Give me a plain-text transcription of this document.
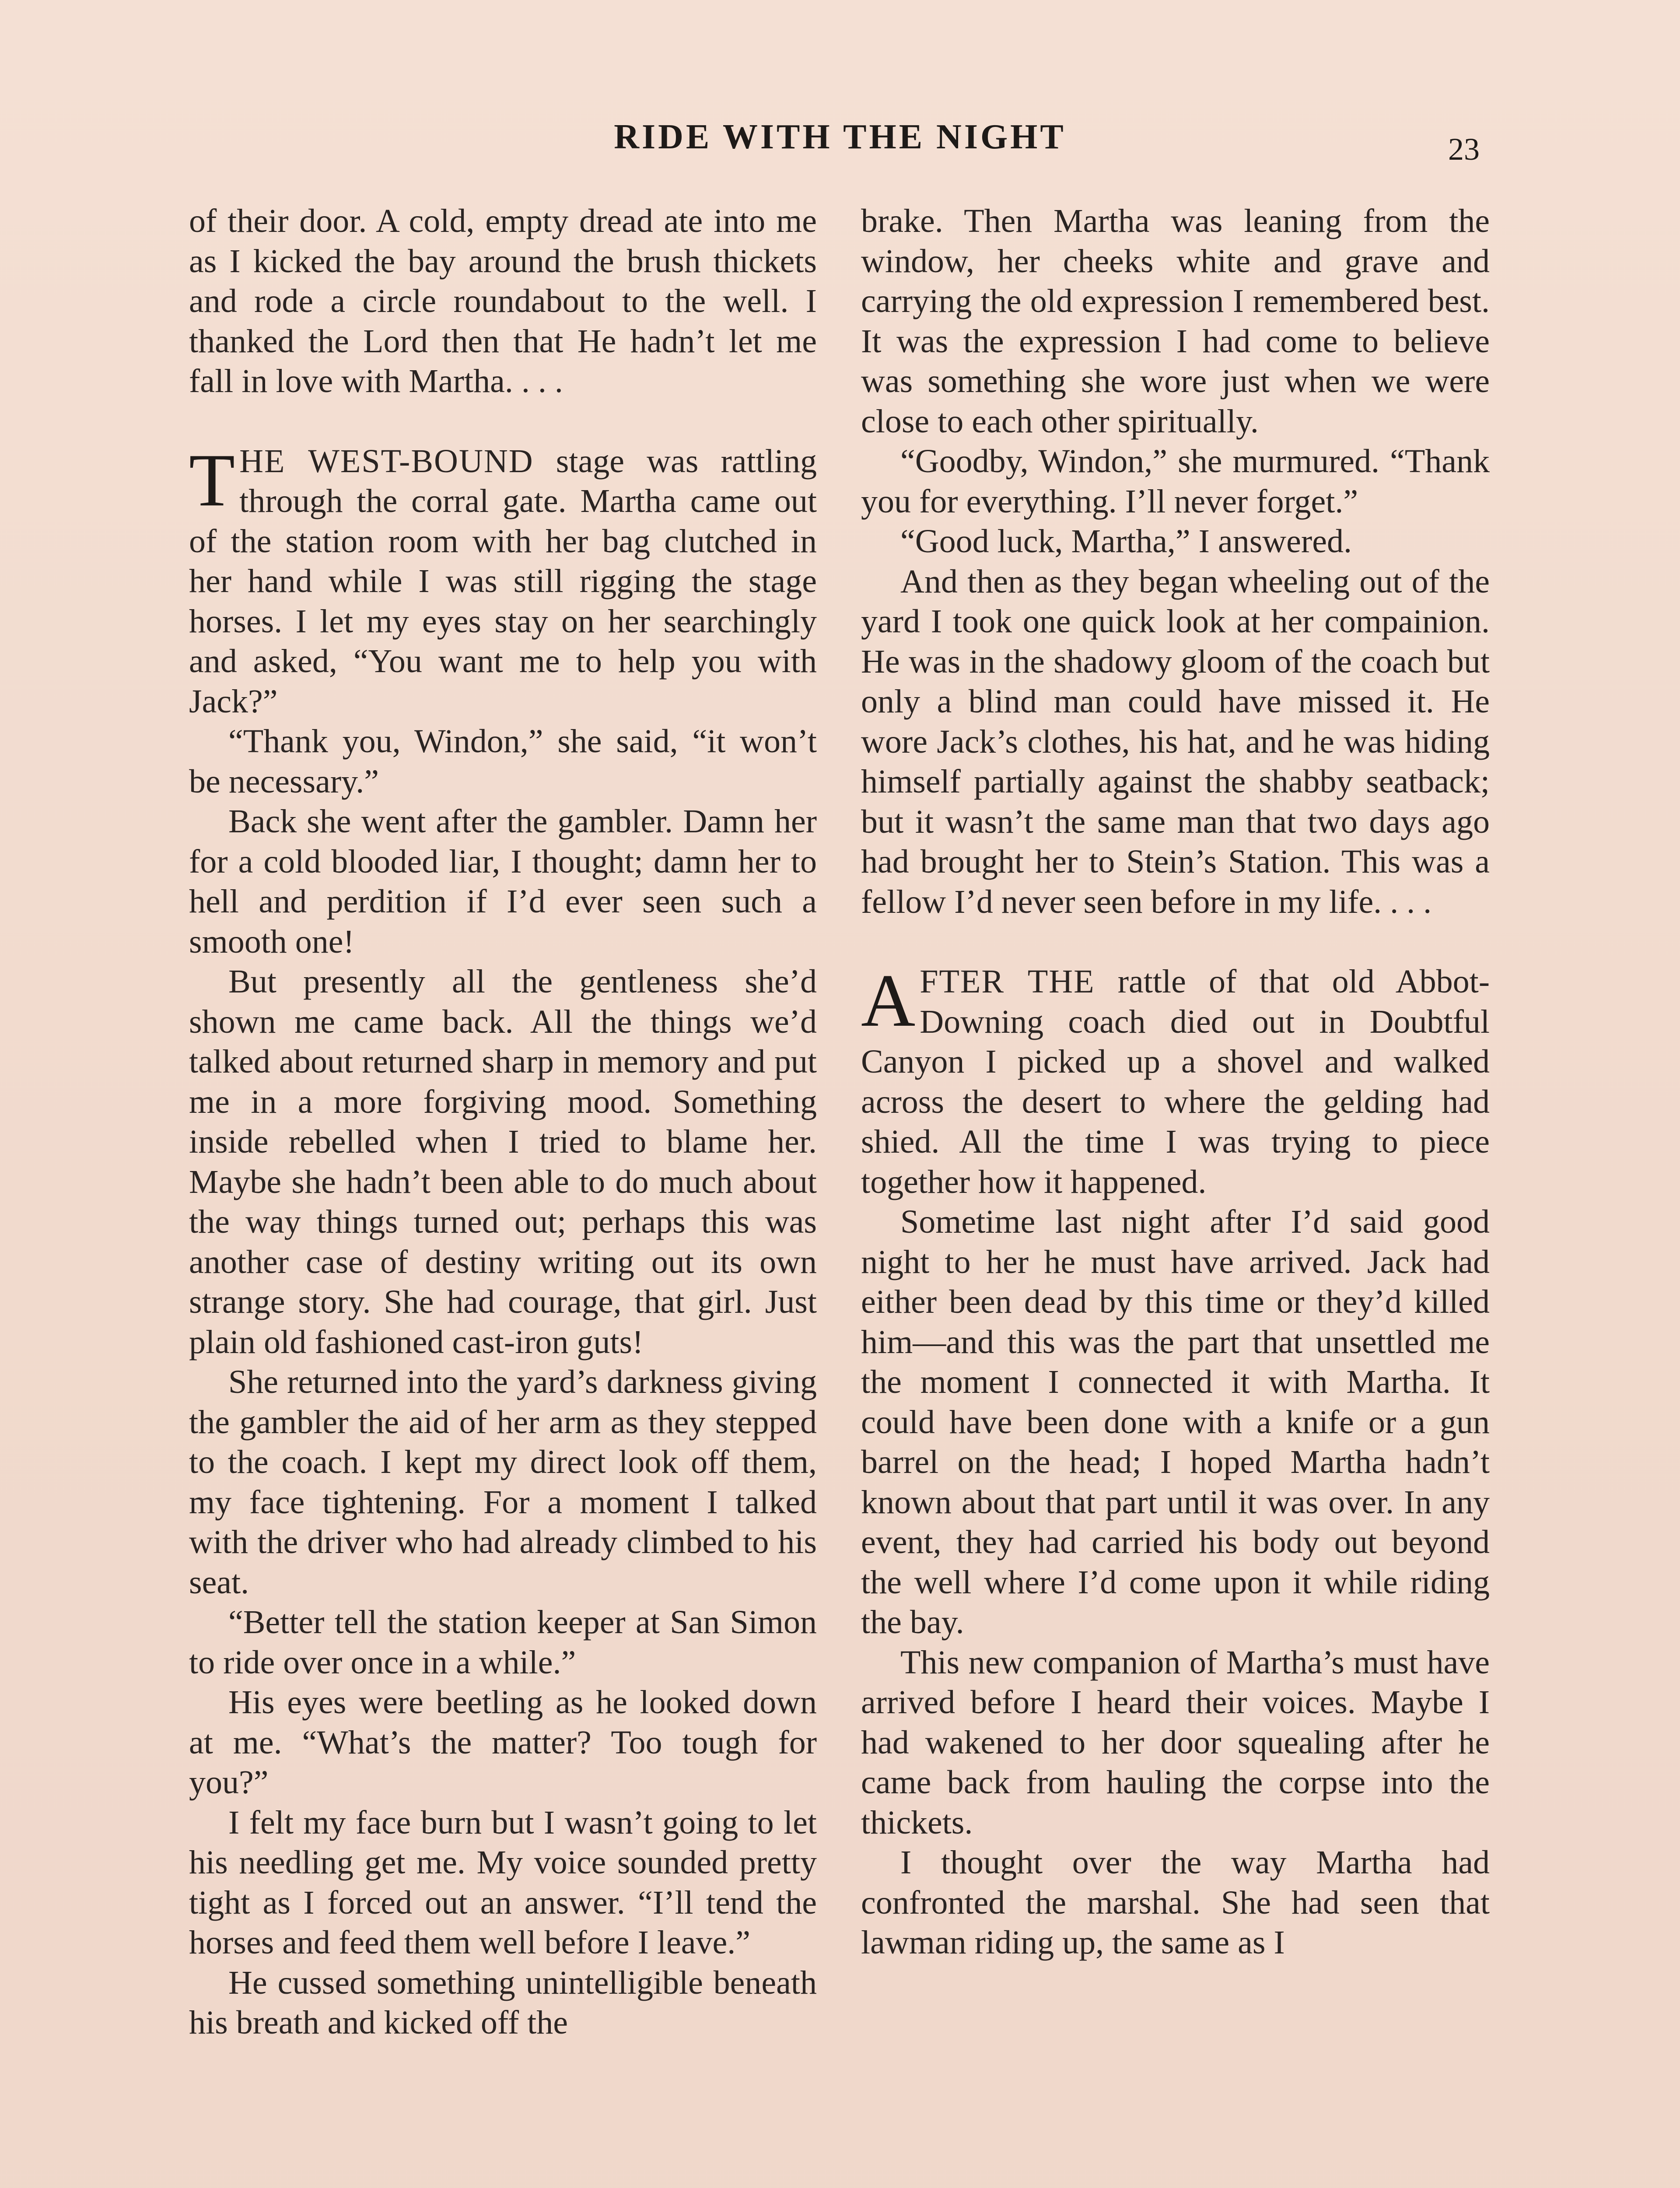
RIDE WITH THE NIGHT	23

of their door. A cold, empty dread ate into me as I kicked the bay around the brush thickets and rode a circle roundabout to the well. I thanked the Lord then that He hadn’t let me fall in love with Martha. . . .

THE WEST-BOUND stage was rattling through the corral gate. Martha came out of the station room with her bag clutched in her hand while I was still rigging the stage horses. I let my eyes stay on her searchingly and asked, “You want me to help you with Jack?”

“Thank you, Windon,” she said, “it won’t be necessary.”

Back she went after the gambler. Damn her for a cold blooded liar, I thought; damn her to hell and perdition if I’d ever seen such a smooth one!

But presently all the gentleness she’d shown me came back. All the things we’d talked about returned sharp in memory and put me in a more forgiving mood. Something inside rebelled when I tried to blame her. Maybe she hadn’t been able to do much about the way things turned out; perhaps this was another case of destiny writing out its own strange story. She had courage, that girl. Just plain old fashioned cast-iron guts!

She returned into the yard’s darkness giving the gambler the aid of her arm as they stepped to the coach. I kept my direct look off them, my face tightening. For a moment I talked with the driver who had already climbed to his seat.

“Better tell the station keeper at San Simon to ride over once in a while.”

His eyes were beetling as he looked down at me. “What’s the matter? Too tough for you?”

I felt my face burn but I wasn’t going to let his needling get me. My voice sounded pretty tight as I forced out an answer. “I’ll tend the horses and feed them well before I leave.”

He cussed something unintelligible beneath his breath and kicked off the

brake. Then Martha was leaning from the window, her cheeks white and grave and carrying the old expression I remembered best. It was the expression I had come to believe was something she wore just when we were close to each other spiritually.

“Goodby, Windon,” she murmured. “Thank you for everything. I’ll never forget.”

“Good luck, Martha,” I answered.

And then as they began wheeling out of the yard I took one quick look at her compainion. He was in the shadowy gloom of the coach but only a blind man could have missed it. He wore Jack’s clothes, his hat, and he was hiding himself partially against the shabby seatback; but it wasn’t the same man that two days ago had brought her to Stein’s Station. This was a fellow I’d never seen before in my life. . . .

AFTER THE rattle of that old Abbot-Downing coach died out in Doubtful Canyon I picked up a shovel and walked across the desert to where the gelding had shied. All the time I was trying to piece together how it happened.

Sometime last night after I’d said good night to her he must have arrived. Jack had either been dead by this time or they’d killed him—and this was the part that unsettled me the moment I connected it with Martha. It could have been done with a knife or a gun barrel on the head; I hoped Martha hadn’t known about that part until it was over. In any event, they had carried his body out beyond the well where I’d come upon it while riding the bay.

This new companion of Martha’s must have arrived before I heard their voices. Maybe I had wakened to her door squealing after he came back from hauling the corpse into the thickets.

I thought over the way Martha had confronted the marshal. She had seen that lawman riding up, the same as I
